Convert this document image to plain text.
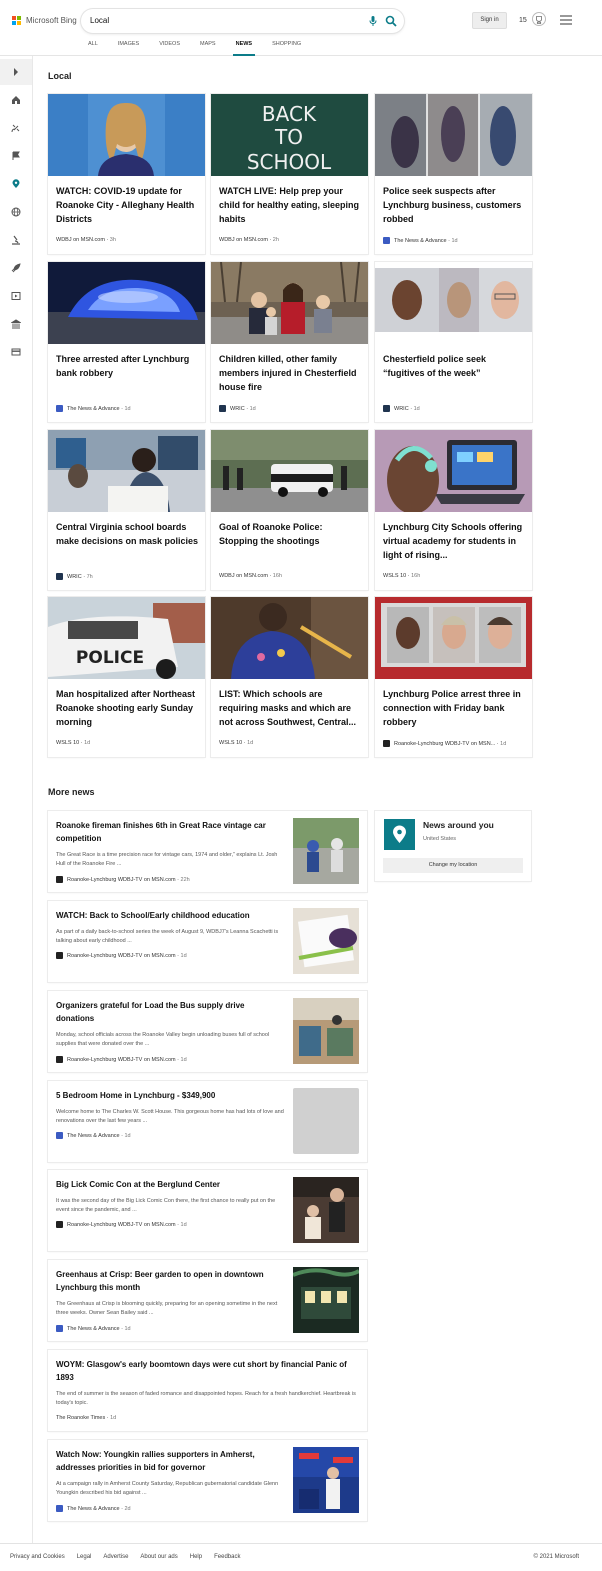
Microsoft Bing Local	Sign in	15
ALL	IMAGES	VIDEOS	MAPS	NEWS	SHOPPING
Local
WATCH: COVID-19 update for Roanoke City - Alleghany Health Districts
WDBJ on MSN.com · 3h
BACK
TO
SCHOOL
WATCH LIVE: Help prep your child for healthy eating, sleeping habits
WDBJ on MSN.com · 2h
Police seek suspects after Lynchburg business, customers robbed
The News & Advance · 1d
Three arrested after Lynchburg bank robbery
The News & Advance · 1d
Children killed, other family members injured in Chesterfield house fire
WRIC · 1d
Chesterfield police seek “fugitives of the week”
WRIC · 1d
Central Virginia school boards make decisions on mask policies
WRIC · 7h
Goal of Roanoke Police: Stopping the shootings
WDBJ on MSN.com · 16h
Lynchburg City Schools offering virtual academy for students in light of rising...
WSLS 10 · 16h
POLICE
Man hospitalized after Northeast Roanoke shooting early Sunday morning
WSLS 10 · 1d
LIST: Which schools are requiring masks and which are not across Southwest, Central...
WSLS 10 · 1d
Lynchburg Police arrest three in connection with Friday bank robbery
Roanoke-Lynchburg WDBJ-TV on MSN... · 1d
More news
Roanoke fireman finishes 6th in Great Race vintage car competition
The Great Race is a time precision race for vintage cars, 1974 and older,” explains Lt. Josh Hull of the Roanoke Fire ...
Roanoke-Lynchburg WDBJ-TV on MSN.com · 22h
WATCH: Back to School/Early childhood education
As part of a daily back-to-school series the week of August 9, WDBJ7’s Leanna Scachetti is talking about early childhood ...
Roanoke-Lynchburg WDBJ-TV on MSN.com · 1d
Organizers grateful for Load the Bus supply drive donations
Monday, school officials across the Roanoke Valley begin unloading buses full of school supplies that were donated over the ...
Roanoke-Lynchburg WDBJ-TV on MSN.com · 1d
5 Bedroom Home in Lynchburg - $349,900
Welcome home to The Charles W. Scott House. This gorgeous home has had lots of love and renovations over the last few years ...
The News & Advance · 1d
Big Lick Comic Con at the Berglund Center
It was the second day of the Big Lick Comic Con there, the first chance to really put on the event since the pandemic, and ...
Roanoke-Lynchburg WDBJ-TV on MSN.com · 1d
Greenhaus at Crisp: Beer garden to open in downtown Lynchburg this month
The Greenhaus at Crisp is blooming quickly, preparing for an opening sometime in the next three weeks. Owner Sean Bailey said ...
The News & Advance · 1d
WOYM: Glasgow's early boomtown days were cut short by financial Panic of 1893
The end of summer is the season of faded romance and disappointed hopes. Reach for a fresh handkerchief. Heartbreak is today's topic.
The Roanoke Times · 1d
Watch Now: Youngkin rallies supporters in Amherst, addresses priorities in bid for governor
At a campaign rally in Amherst County Saturday, Republican gubernatorial candidate Glenn Youngkin described his bid against ...
The News & Advance · 2d
News around you
United States
Change my location
Privacy and Cookies Legal Advertise About our ads Help Feedback	© 2021 Microsoft
